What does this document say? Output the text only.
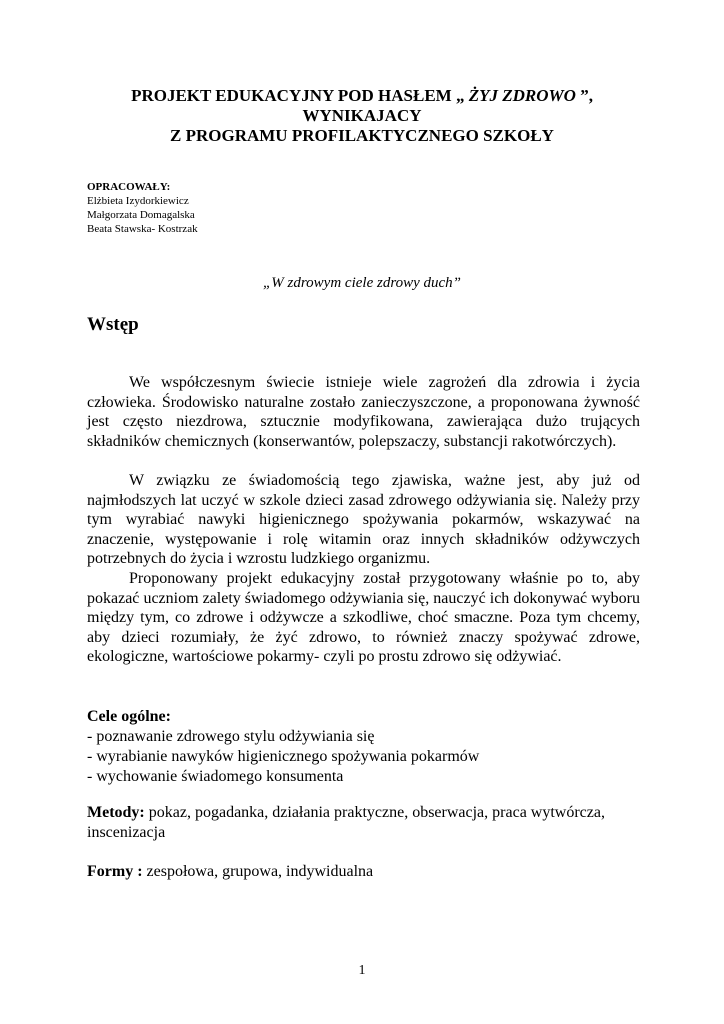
PROJEKT EDUKACYJNY POD HASŁEM „ ŻYJ ZDROWO ”,
WYNIKAJACY
Z PROGRAMU PROFILAKTYCZNEGO SZKOŁY
OPRACOWAŁY:
Elżbieta Izydorkiewicz
Małgorzata Domagalska
Beata Stawska- Kostrzak
„W zdrowym ciele zdrowy duch”
Wstęp

We współczesnym świecie istnieje wiele zagrożeń dla zdrowia i życia człowieka. Środowisko naturalne zostało zanieczyszczone, a proponowana żywność jest często niezdrowa, sztucznie modyfikowana, zawierająca dużo trujących składników chemicznych (konserwantów, polepszaczy, substancji rakotwórczych).

W związku ze świadomością tego zjawiska, ważne jest, aby już od najmłodszych lat uczyć w szkole dzieci zasad zdrowego odżywiania się. Należy przy tym wyrabiać nawyki higienicznego spożywania pokarmów, wskazywać na znaczenie, występowanie i rolę witamin oraz innych składników odżywczych potrzebnych do życia i wzrostu ludzkiego organizmu.

Proponowany projekt edukacyjny został przygotowany właśnie po to, aby pokazać uczniom zalety świadomego odżywiania się, nauczyć ich dokonywać wyboru między tym, co zdrowe i odżywcze a szkodliwe, choć smaczne. Poza tym chcemy, aby dzieci rozumiały, że żyć zdrowo, to również znaczy spożywać zdrowe, ekologiczne, wartościowe pokarmy- czyli po prostu zdrowo się odżywiać.

Cele ogólne:
- poznawanie zdrowego stylu odżywiania się
- wyrabianie nawyków higienicznego spożywania pokarmów
- wychowanie świadomego konsumenta
Metody: pokaz, pogadanka, działania praktyczne, obserwacja, praca wytwórcza, inscenizacja
Formy : zespołowa, grupowa, indywidualna
1
